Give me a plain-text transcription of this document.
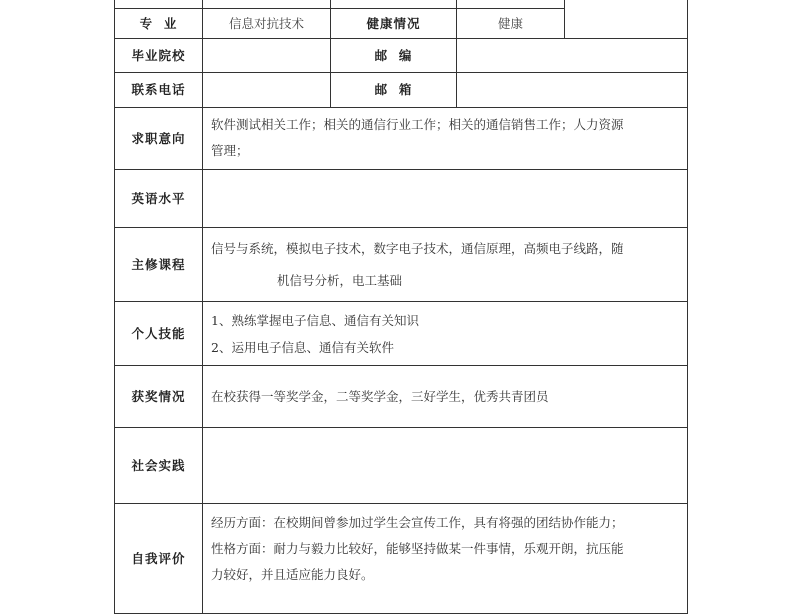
专  业	信息对抗技术	健康情况	健康	
毕业院校		邮  编		
联系电话		邮  箱		
求职意向	软件测试相关工作；相关的通信行业工作；相关的通信销售工作；人力资源
管理；			

英语水平				
主修课程	信号与系统，模拟电子技术，数字电子技术，通信原理，高频电子线路，随
机信号分析，电工基础			

个人技能	1、熟练掌握电子信息、通信有关知识
2、运用电子信息、通信有关软件			

获奖情况	在校获得一等奖学金，二等奖学金，三好学生，优秀共青团员			
社会实践				
自我评价	经历方面：在校期间曾参加过学生会宣传工作，具有将强的团结协作能力；
性格方面：耐力与毅力比较好，能够坚持做某一件事情，乐观开朗，抗压能
力较好，并且适应能力良好。			
